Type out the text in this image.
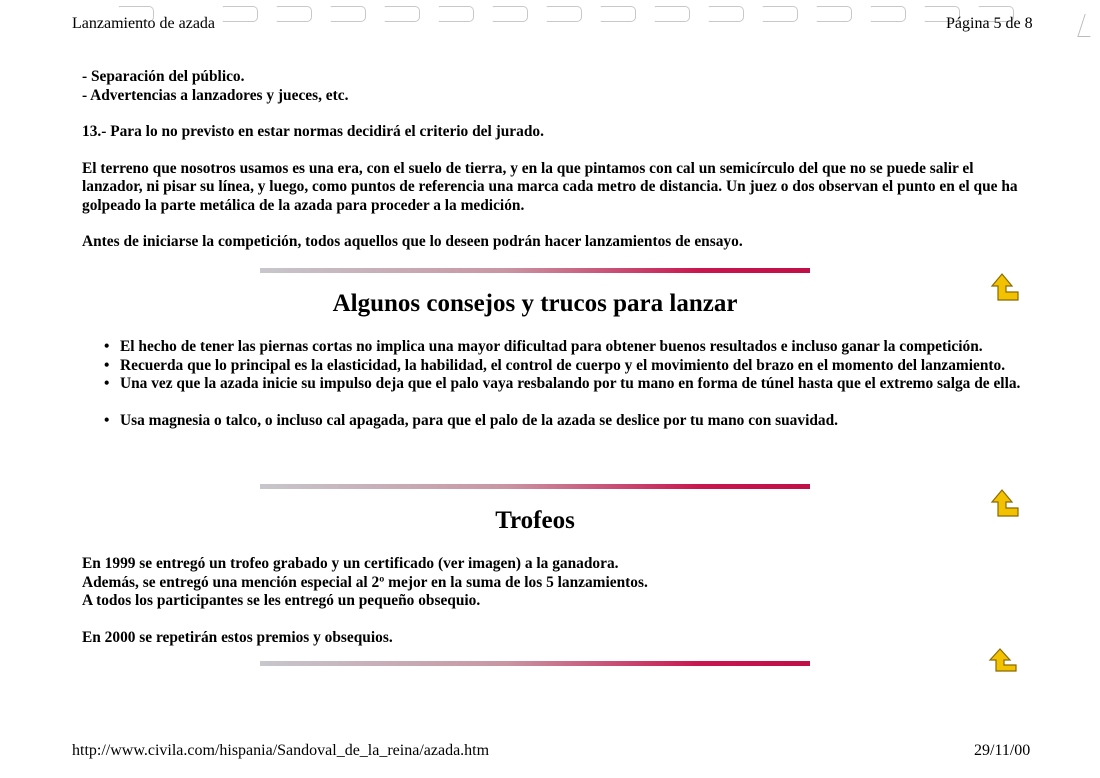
Lanzamiento de azada	Página 5 de 8

- Separación del público.

- Advertencias a lanzadores y jueces, etc.

13.- Para lo no previsto en estar normas decidirá el criterio del jurado.

El terreno que nosotros usamos es una era, con el suelo de tierra, y en la que pintamos con cal un semicírculo del que no se puede salir el lanzador, ni pisar su línea, y luego, como puntos de referencia una marca cada metro de distancia. Un juez o dos observan el punto en el que ha golpeado la parte metálica de la azada para proceder a la medición.

Antes de iniciarse la competición, todos aquellos que lo deseen podrán hacer lanzamientos de ensayo.

Algunos consejos y trucos para lanzar
• El hecho de tener las piernas cortas no implica una mayor dificultad para obtener buenos resultados e incluso ganar la competición.
• Recuerda que lo principal es la elasticidad, la habilidad, el control de cuerpo y el movimiento del brazo en el momento del lanzamiento.
• Una vez que la azada inicie su impulso deja que el palo vaya resbalando por tu mano en forma de túnel hasta que el extremo salga de ella.
• Usa magnesia o talco, o incluso cal apagada, para que el palo de la azada se deslice por tu mano con suavidad.
Trofeos

En 1999 se entregó un trofeo grabado y un certificado (ver imagen) a la ganadora.

Además, se entregó una mención especial al 2º mejor en la suma de los 5 lanzamientos.

A todos los participantes se les entregó un pequeño obsequio.

En 2000 se repetirán estos premios y obsequios.

http://www.civila.com/hispania/Sandoval_de_la_reina/azada.htm	29/11/00
